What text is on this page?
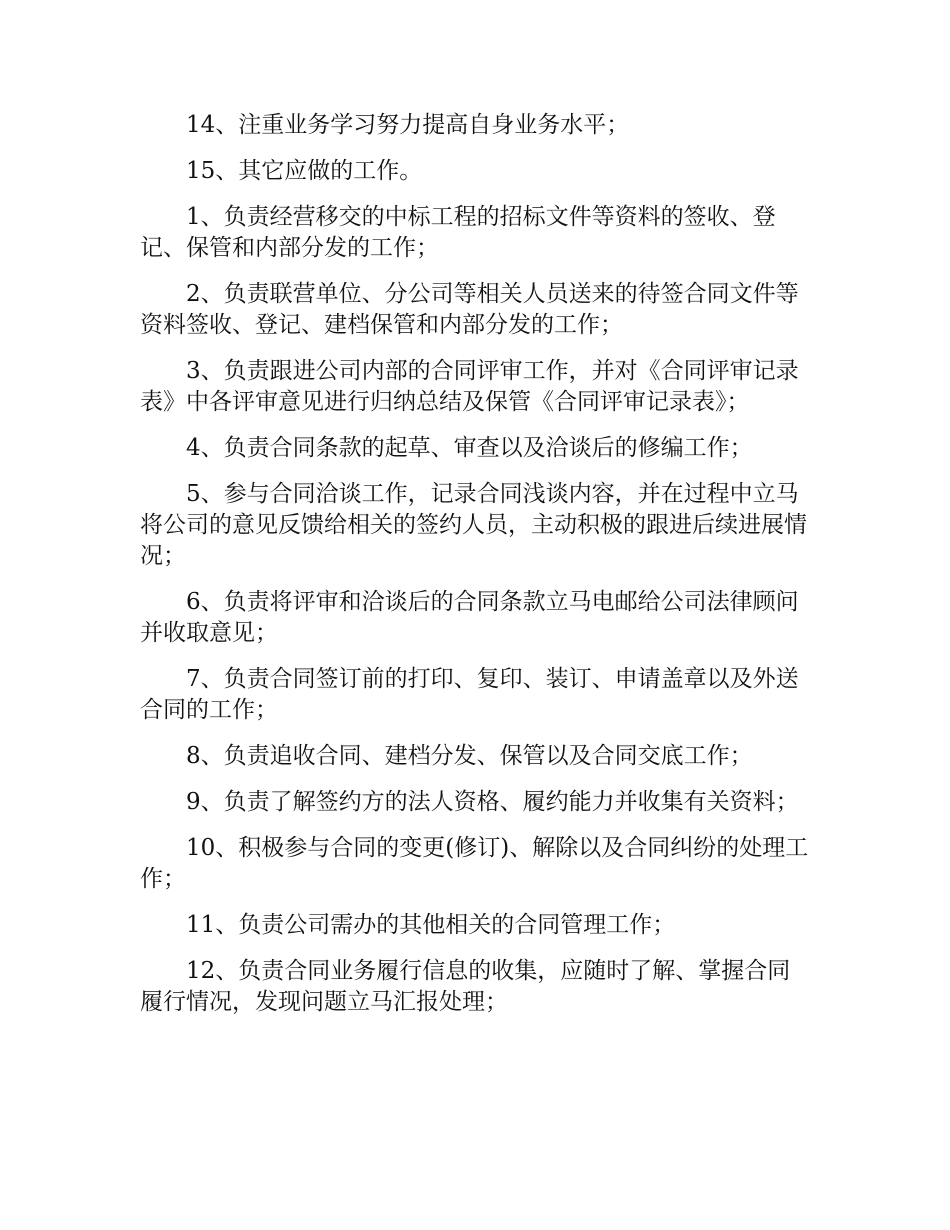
14、注重业务学习努力提高自身业务水平；

15、其它应做的工作。

1、负责经营移交的中标工程的招标文件等资料的签收、登记、保管和内部分发的工作；

2、负责联营单位、分公司等相关人员送来的待签合同文件等资料签收、登记、建档保管和内部分发的工作；

3、负责跟进公司内部的合同评审工作，并对《合同评审记录表》中各评审意见进行归纳总结及保管《合同评审记录表》；

4、负责合同条款的起草、审查以及洽谈后的修编工作；

5、参与合同洽谈工作，记录合同浅谈内容，并在过程中立马将公司的意见反馈给相关的签约人员，主动积极的跟进后续进展情况；

6、负责将评审和洽谈后的合同条款立马电邮给公司法律顾问并收取意见；

7、负责合同签订前的打印、复印、装订、申请盖章以及外送合同的工作；

8、负责追收合同、建档分发、保管以及合同交底工作；

9、负责了解签约方的法人资格、履约能力并收集有关资料；

10、积极参与合同的变更(修订)、解除以及合同纠纷的处理工作；

11、负责公司需办的其他相关的合同管理工作；

12、负责合同业务履行信息的收集，应随时了解、掌握合同履行情况，发现问题立马汇报处理；
